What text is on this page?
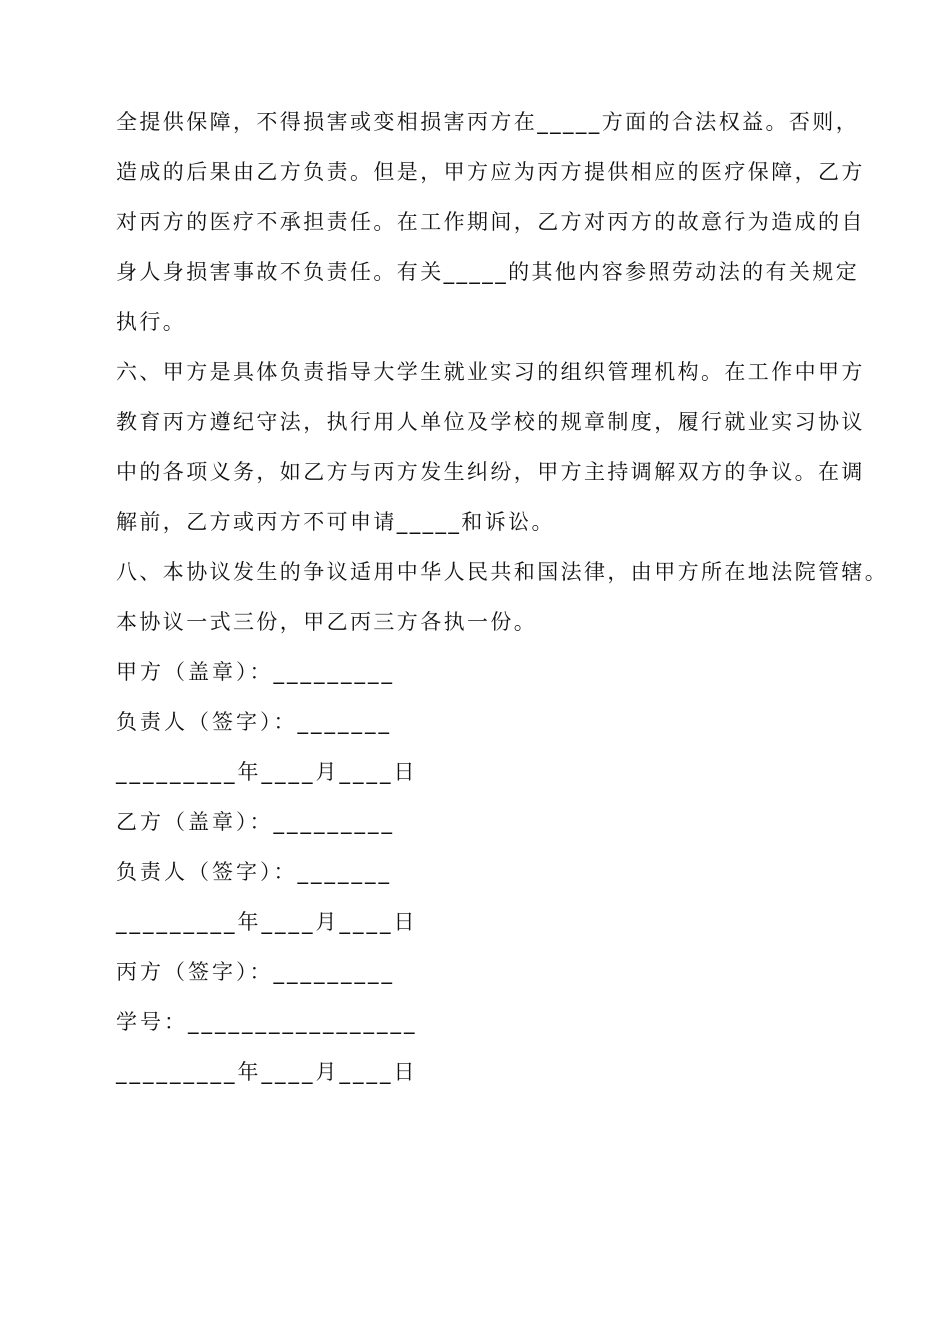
全提供保障，不得损害或变相损害丙方在_____方面的合法权益。否则，
造成的后果由乙方负责。但是，甲方应为丙方提供相应的医疗保障，乙方
对丙方的医疗不承担责任。在工作期间，乙方对丙方的故意行为造成的自
身人身损害事故不负责任。有关_____的其他内容参照劳动法的有关规定
执行。
六、甲方是具体负责指导大学生就业实习的组织管理机构。在工作中甲方
教育丙方遵纪守法，执行用人单位及学校的规章制度，履行就业实习协议
中的各项义务，如乙方与丙方发生纠纷，甲方主持调解双方的争议。在调
解前，乙方或丙方不可申请_____和诉讼。
八、本协议发生的争议适用中华人民共和国法律，由甲方所在地法院管辖。
本协议一式三份，甲乙丙三方各执一份。
甲方（盖章）：_________
负责人（签字）：_______
_________年____月____日
乙方（盖章）：_________
负责人（签字）：_______
_________年____月____日
丙方（签字）：_________
学号：_________________
_________年____月____日
